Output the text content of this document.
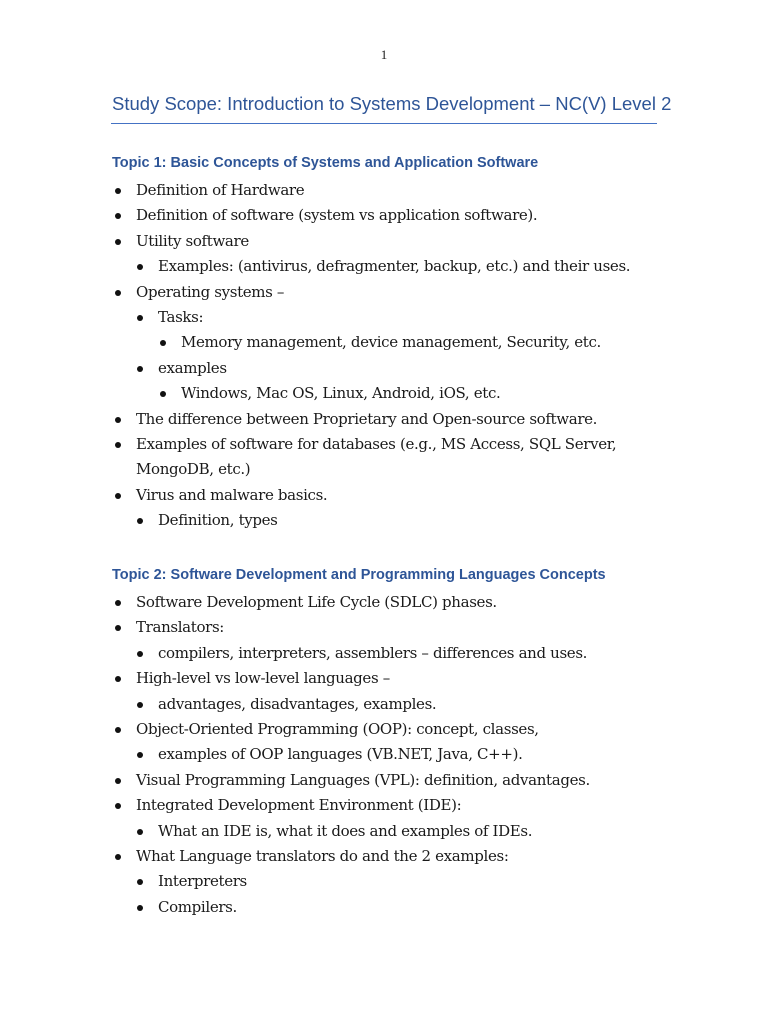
1
Study Scope: Introduction to Systems Development – NC(V) Level 2
Topic 1: Basic Concepts of Systems and Application Software
Definition of Hardware
Definition of software (system vs application software).
Utility software
Examples: (antivirus, defragmenter, backup, etc.) and their uses.
Operating systems –
Tasks:
Memory management, device management, Security, etc.
examples
Windows, Mac OS, Linux, Android, iOS, etc.
The difference between Proprietary and Open-source software.
Examples of software for databases (e.g., MS Access, SQL Server,
MongoDB, etc.)
Virus and malware basics.
Definition, types
Topic 2: Software Development and Programming Languages Concepts
Software Development Life Cycle (SDLC) phases.
Translators:
compilers, interpreters, assemblers – differences and uses.
High-level vs low-level languages –
advantages, disadvantages, examples.
Object-Oriented Programming (OOP): concept, classes,
examples of OOP languages (VB.NET, Java, C++).
Visual Programming Languages (VPL): definition, advantages.
Integrated Development Environment (IDE):
What an IDE is, what it does and examples of IDEs.
What Language translators do and the 2 examples:
Interpreters
Compilers.
